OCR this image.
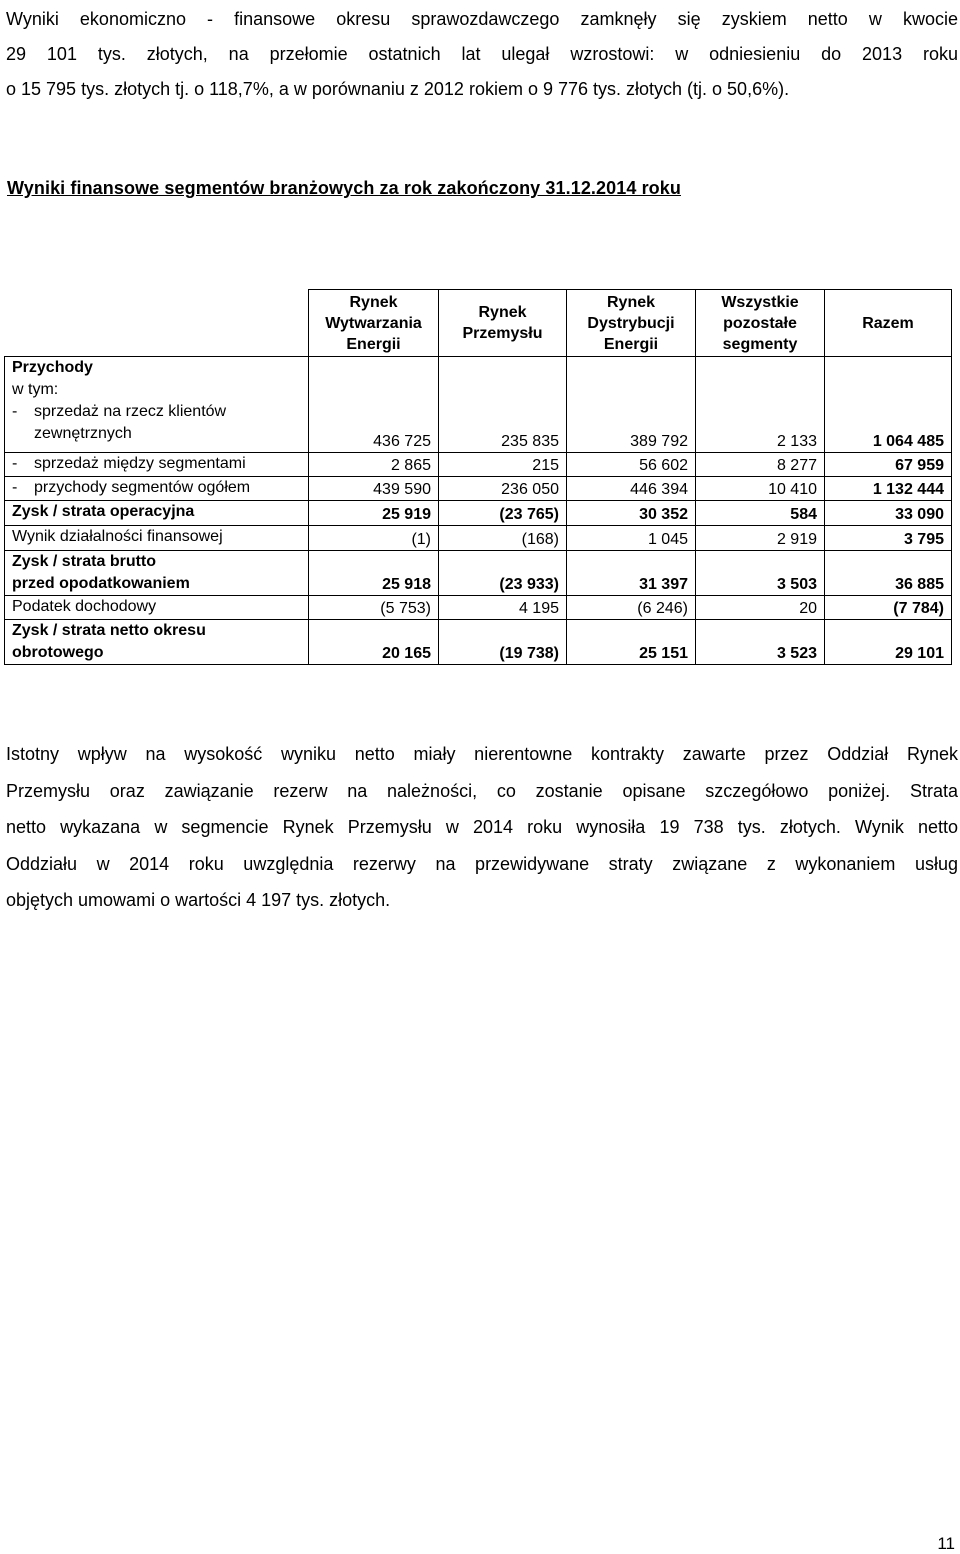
Wyniki ekonomiczno - finansowe okresu sprawozdawczego zamknęły się zyskiem netto w kwocie
29 101 tys. złotych, na przełomie ostatnich lat ulegał wzrostowi: w odniesieniu do 2013 roku
o 15 795 tys. złotych tj. o 118,7%, a w porównaniu z 2012 rokiem o 9 776 tys. złotych (tj. o 50,6%).
Wyniki finansowe segmentów branżowych za rok zakończony 31.12.2014 roku
	Rynek
Wytwarzania
Energii	Rynek
Przemysłu	Rynek
Dystrybucji
Energii	Wszystkie
pozostałe
segmenty	Razem

Przychody
w tym:
- sprzedaż na rzecz klientów
zewnętrznych	436 725	235 835	389 792	2 133	1 064 485

- sprzedaż między segmentami	2 865	215	56 602	8 277	67 959

- przychody segmentów ogółem	439 590	236 050	446 394	10 410	1 132 444

Zysk / strata operacyjna	25 919	(23 765)	30 352	584	33 090

Wynik działalności finansowej	(1)	(168)	1 045	2 919	3 795

Zysk / strata brutto
przed opodatkowaniem	25 918	(23 933)	31 397	3 503	36 885

Podatek dochodowy	(5 753)	4 195	(6 246)	20	(7 784)

Zysk / strata netto okresu
obrotowego	20 165	(19 738)	25 151	3 523	29 101
Istotny wpływ na wysokość wyniku netto miały nierentowne kontrakty zawarte przez Oddział Rynek
Przemysłu oraz zawiązanie rezerw na należności, co zostanie opisane szczegółowo poniżej. Strata
netto wykazana w segmencie Rynek Przemysłu w 2014 roku wynosiła 19 738 tys. złotych. Wynik netto
Oddziału w 2014 roku uwzględnia rezerwy na przewidywane straty związane z wykonaniem usług
objętych umowami o wartości 4 197 tys. złotych.
11
